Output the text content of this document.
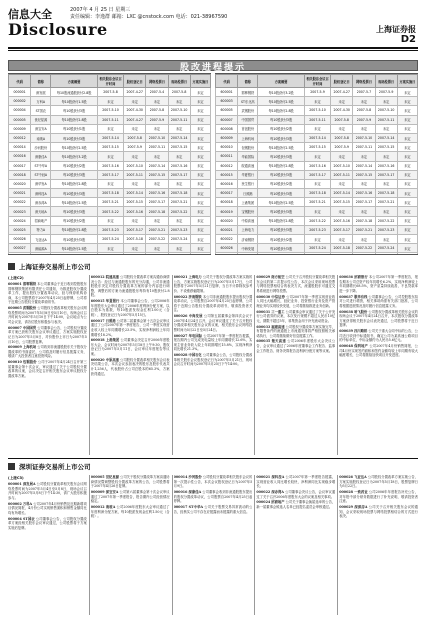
信息大全
Disclosure
2007年 4 月 25 日 星期三
责任编辑：李逸群 邮箱：LXC @cnstock.com 电话：021-38967590
上海证券报
D2
股改进程提示
代码	简称	方案概要	相关股东会议召开时间	股权登记日	网络投票日	现场投票日	方案实施日
000001	深发展	每10股流通股获付2.8股	2007-5-8	2007-4-27	2007-5-4	2007-5-8	未定
000002	万科A	每10股获付1.5股	未定	未定	未定	未定	未定
000004	ST国农	每10股获付3股	2007-5-10	2007-4-30	2007-5-8	2007-5-10	未定
000005	世纪星源	每10股获付2.8股	2007-5-11	2007-4-27	2007-5-9	2007-5-11	未定
000009	深宝安A	每10股获付1股	未定	未定	未定	未定	未定
000012	南玻A	每10股获付3股	2007-5-14	2007-5-8	2007-5-10	2007-5-14	未定
000014	沙河股份	每10股获付2.5股	2007-5-15	2007-5-9	2007-5-11	2007-5-15	未定
000016	深康佳A	每10股获付3.2股	未定	未定	未定	未定	未定
000017	ST中华A	每10股获付2股	2007-5-16	2007-5-10	2007-5-14	2007-5-16	未定
000018	ST中冠A	每10股获付3股	2007-5-17	2007-5-11	2007-5-15	2007-5-17	未定
000020	深华发A	每10股获付2.8股	未定	未定	未定	未定	未定
000021	深科技A	每10股获付3股	2007-5-18	2007-5-14	2007-5-16	2007-5-18	未定
000022	深赤湾A	每10股获付2.5股	2007-5-21	2007-5-15	2007-5-17	2007-5-21	未定
000023	深天地A	每10股获付3股	2007-5-22	2007-5-16	2007-5-18	2007-5-22	未定
000024	招商地产	每10股获付2股	未定	未定	未定	未定	未定
000025	特力A	每10股获付2.8股	2007-5-23	2007-5-17	2007-5-21	2007-5-23	未定
000026	飞亚达A	每10股获付3股	2007-5-24	2007-5-18	2007-5-22	2007-5-24	未定
000027	深能源A	每10股获付2.5股	未定	未定	未定	未定	未定

代码	简称	方案概要	相关股东会议召开时间	股权登记日	网络投票日	现场投票日	方案实施日
600001	邯郸钢铁	每10股获付3.2股	2007-5-9	2007-4-27	2007-5-7	2007-5-9	未定
600003	ST东北高	每10股获付2.5股	未定	未定	未定	未定	未定
600005	武钢股份	每10股获付2.8股	2007-5-10	2007-4-30	2007-5-8	2007-5-10	未定
600007	中国国贸	每10股获付3股	2007-5-11	2007-5-8	2007-5-9	2007-5-11	未定
600008	首创股份	每10股获付2股	未定	未定	未定	未定	未定
600009	上海机场	每10股获付3股	2007-5-14	2007-5-8	2007-5-10	2007-5-14	未定
600010	包钢股份	每10股获付2.5股	2007-5-15	2007-5-9	2007-5-11	2007-5-15	未定
600011	华能国际	每10股获付3股	未定	未定	未定	未定	未定
600012	皖通高速	每10股获付2.8股	2007-5-16	2007-5-10	2007-5-14	2007-5-16	未定
600015	华夏银行	每10股获付3股	2007-5-17	2007-5-11	2007-5-15	2007-5-17	未定
600016	民生银行	每10股获付2股	未定	未定	未定	未定	未定
600017	日照港	每10股获付3股	2007-5-18	2007-5-14	2007-5-16	2007-5-18	未定
600018	上港集团	每10股获付2.5股	2007-5-21	2007-5-15	2007-5-17	2007-5-21	未定
600019	宝钢股份	每10股获付3股	未定	未定	未定	未定	未定
600020	中原高速	每10股获付2.8股	2007-5-22	2007-5-16	2007-5-18	2007-5-22	未定
600021	上海电力	每10股获付3股	2007-5-23	2007-5-17	2007-5-21	2007-5-23	未定
600022	济南钢铁	每10股获付2股	未定	未定	未定	未定	未定
600026	中海发展	每10股获付3股	2007-5-24	2007-5-18	2007-5-22	2007-5-24	未定

上海证券交易所上市公司
(上接C2)

600001 邯郸钢铁 本公司董事会于近日收到控股股东邯郸钢铁集团有限责任公司通知，为推进股权分置改革工作，提出股权分置改革动议，经与保荐机构协商，本公司股票将于2007年4月25日起停牌，公司将于近期公告股权分置改革说明书。

600005 武钢股份 公司股权分置改革相关股东会议网络投票时间为2007年5月8日至5月10日，现场会议召开时间为2007年5月10日下午14:00，会议地点为公司会议室，请各位股东积极参与表决。

600007 中国国贸 公司董事会公告，公司股权分置改革方案已获相关股东会议审议通过，方案实施股权登记日为2007年5月8日，对价股份上市日为2007年5月10日，公司股票复牌。

600009 上海机场 公司收到非流通股股东关于股权分置改革的书面委托，公司将及时履行信息披露义务，敬请广大投资者注意投资风险。

600010 包钢股份 公司于2007年4月24日召开第三届董事会第十次会议，审议通过了关于公司股权分置改革的议案，会议决定召开相关股东会议审议股权分置改革方案。

600012 皖通高速 公司股权分置改革方案沟通协商情况公告：经过与流通股股东的充分沟通，公司非流通股股东决定对股权分置改革方案的部分内容进行调整，调整后的方案为流通股股东每持有10股获付2.8股。

600015 华夏银行 本公司董事会公告，公司2006年年度股东大会审议通过了2006年度利润分配方案，以总股本为基数，每10股派发现金红利1.00元（含税），股权登记日为2007年5月15日。

600017 日照港 公司第二届董事会第十五次会议审议通过了公司2007年第一季度报告，公司一季度实现营业收入较上年同期增长23.5%，实现净利润较上年同期增长18.2%。

600018 上港集团 公司董事会决定召开2006年度股东大会，会议时间为2007年5月18日上午9:30，股权登记日为2007年5月11日，会议审议年度报告等议案。

600020 中原高速 公司股权分置改革相关股东会议表决结果公告，本次会议参加表决的股东及股东代表共计1,256人，代表股份占公司总股本的65.3%，方案获得通过。

600021 上海电力 公司关于股权分置改革方案实施的公告，方案实施股权登记日为2007年5月17日，公司股票将于2007年5月21日复牌，当日不计算除权参考价、不设涨跌幅限制。

600022 济南钢铁 本公司非流通股股东提出股权分置改革动议，公司股票自2007年4月25日起停牌，公司将于近期公告股权分置改革说明书，敬请投资者关注。

600026 中海发展 公司第五届董事会第四次会议于2007年4月24日召开，会议审议通过了关于召开股权分置改革相关股东会议的议案，相关股东会议网络投票时间为5月22日至5月24日。

600027 华电国际 公司2007年第一季度报告披露，报告期内公司完成发电量较上年同期增长12.6%，实现主营业务收入较上年同期增长15.8%，实现净利润同比增长21.3%。

600028 中国石化 公司董事会公告，公司股权分置改革相关股东会议股权登记日为2007年5月21日，现场会议召开时间为2007年5月25日下午14:00。

600029 南方航空 公司关于召开股权分置改革相关股东会议的第二次提示性公告，本次会议采用现场投票与网络投票相结合的表决方式，流通股股东可通过交易系统进行网络投票。

600030 中信证券 公司2007年第一季度实现营业收入同比大幅增长，经纪业务、投资银行业务及资产管理业务均实现较快发展，公司将继续推进业务创新。

600031 三一重工 公司董事会审议通过了关于公开发行公司债券的议案，本次发行规模不超过人民币10亿元，期限不超过5年，募集资金用于补充流动资金。

600033 福建高速 公司股权分置改革方案实施完毕，有限售条件的流通股上市流通安排将严格按照相关承诺执行，公司将继续做好信息披露工作。

600035 楚天高速 公司2006年度股东大会决议公告，会议审议通过了2006年度董事会工作报告、监事会工作报告、财务决算报告及利润分配方案等议案。

600036 招商银行 本公司2007年第一季度报告，报告期末公司总资产较年初增长6.2%，实现净利润较上年同期增长68.5%，资产质量持续改善，不良贷款率进一步下降。

600037 歌华有线 公司董事会公告，公司控股股东拟对公司进行增资，相关事项尚需有关部门批准，公司将根据进展情况及时履行信息披露义务。

600038 哈飞股份 公司股权分置改革相关股东会议的现场会议于2007年4月24日召开，本次股权分置改革方案获得相关股东会议表决通过，公司股票将于近日复牌。

600039 四川路桥 公司关于重大合同中标的公告，公司近日收到中标通知书，确定公司为某高速公路项目的中标单位，中标金额约为人民币5.6亿元。

600048 保利地产 公司2007年4月份销售简报，公司4月份实现签约面积和签约金额均较上年同期有较大幅度增长，公司将继续加快项目开发进度。

深圳证券交易所上市公司
(上接C3)

000001 深发展A 公司股权分置改革相关股东会议网络投票时间为2007年5月4日至5月8日，现场会议召开时间为2007年5月8日下午14:30，请广大股东积极参与。

000002 万科A 公司2007年4月份销售及近期新增项目情况简报，4月份公司实现销售面积和销售金额同比均有所增长。

000004 ST国农 公司董事会公告，公司股权分置改革方案经相关股东会议审议通过，公司股票将于方案实施后复牌。

000005 世纪星源 公司关于股权分置改革方案沟通协商情况暨调整股权分置改革方案的公告，公司股票将于2007年4月26日复牌。

000009 深宝安A 公司第六届董事会第十次会议审议通过了2007年第一季度报告，报告期内公司经营情况稳定。

000012 南玻A 公司2006年度股东大会审议通过了年度利润分配方案，每10股派发现金红利1.50元（含税）。

000014 沙河股份 公司股权分置改革相关股东会议的第一次提示性公告，本次会议股权登记日为2007年5月9日。

000016 深康佳A 公司董事会收到非流通股股东提出的股权分置改革动议，公司股票自2007年4月25日起停牌。

000017 ST中华A 公司关于股票交易异常波动的公告，经核实公司不存在应披露而未披露的重大信息。

000021 深科技A 公司2007年第一季度报告披露，实现营业收入同比增长较快，净利润同比实现稳步增长。

000022 深赤湾A 公司董事会决议公告，会议审议通过了关于召开2006年度股东大会的议案及相关事项。

000024 招商地产 公司关于董事会换届选举的公告，新一届董事会候选人名单已经提名委员会审核通过。

000026 飞亚达A 公司股权分置改革方案实施公告，方案实施股权登记日为2007年5月18日，股票复牌日为5月22日。

000028 一致药业 公司2006年年度报告补充公告，对年报中部分财务数据进行了补充说明，敬请投资者注意。

000029 深深房A 公司关于召开相关股东会议的通知，会议采取现场投票与网络投票相结合的方式进行表决。
